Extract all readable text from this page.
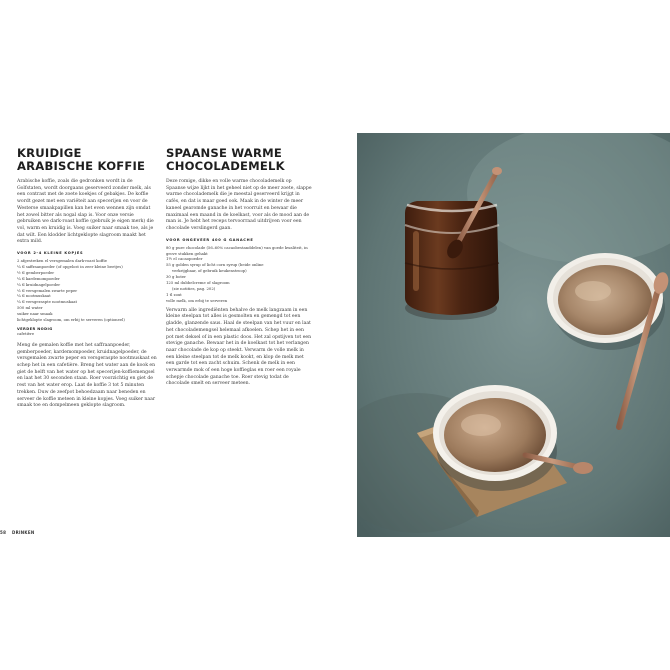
KRUIDIGE ARABISCHE KOFFIE

Arabische koffie, zoals die gedronken wordt in de Golfstaten, wordt doorgaans geserveerd zonder melk, als een contrast met de zoete koekjes of gebakjes. De koffie wordt gezet met een variëteit aan specerijen en voor de Westerse smaakpapillen kan het even wennen zijn omdat het zowel bitter als nogal slap is. Voor onze versie gebruiken we dark-roast koffie (gebruik je eigen merk) die vol, warm en kruidig is. Voeg suiker naar smaak toe, als je dat wilt. Een klodder lichtgeklopte slagroom maakt het extra mild.

VOOR 2-4 KLEINE KOPJES
2 afgestreken el versgemalen dark-roast koffie
¼ tl saffraanpoeder (of opgelost in zeer kleine beetjes)
½ tl gemberpoeder
¼ tl kardemompoeder
¼ tl kruidnagelpoeder
⅛ tl versgemalen zwarte peper
¼ tl nootmuskaat
¼ tl versgeraspte nootmuskaat
500 ml water
suiker naar smaak
lichtgeklopte slagroom, om erbij te serveren (optioneel)
VERDER NODIG
cafetière

Meng de gemalen koffie met het saffraanpoeder, gemberpoeder, kardemompoeder, kruidnagelpoeder, de versgemalen zwarte peper en versgeraspte nootmuskaat en schep het in een cafetière. Breng het water aan de kook en giet de helft van het water op het specerijen-koffiemengsel en laat het 30 seconden staan. Roer voorzichtig en giet de rest van het water erop. Laat de koffie 3 tot 5 minuten trekken. Duw de zeefpot behoedzaam naar beneden en serveer de koffie meteen in kleine kopjes. Voeg suiker naar smaak toe en dompelmeen geklopte slagroom.

58 DRINKEN
SPAANSE WARME CHOCOLADEMELK

Deze romige, dikke en volle warme chocolademelk op Spaanse wijze lijkt in het geheel niet op de meer zoete, slappe warme chocolademelk die je meestal geserveerd krijgt in cafés, en dat is maar goed ook. Maak in de winter de meer kaneel gearomde ganache in het voorruit en bewaar die maximaal een maand in de koelkast, voor als de mood aan de man is. Je hebt het receps tervoorraad uitdrijven voor een chocolade verslingerd gaan.

VOOR ONGEVEER 400 G GANACHE
80 g pure chocolade (56–60% cacaobestanddelen) van goede kwaliteit, in grove stukken gehakt
1½ el cacaopoeder
55 g golden syrup of licht corn syrup (beide online
verkrijgbaar, of gebruik keukenstroop)
30 g boter
125 ml dubbelcreme of slagroom
(zie notities, pag. 202)
1 tl zout
volle melk, om erbij te serveren

Verwarm alle ingrediënten behalve de melk langzaam in een kleine steelpan tot alles is gesmolten en gemengd tot een gladde, glanzende saus. Haal de steelpan van het vuur en laat het chocolademengsel helemaal afkoelen. Schep het in een pot met deksel of in een plastic doos. Het zal opstijven tot een stevige ganache. Bewaar het in de koelkast tot het verlangen naar chocolade de kop op steekt. Verwarm de volle melk in een kleine steelpan tot de melk kookt, en klop de melk met een garde tot een zacht schuim. Schenk de melk in een verwarmde mok of een hoge koffieglas en roer een royale schepje chocolade ganache toe. Roer stevig todat de chocolade smelt en serveer meteen.
